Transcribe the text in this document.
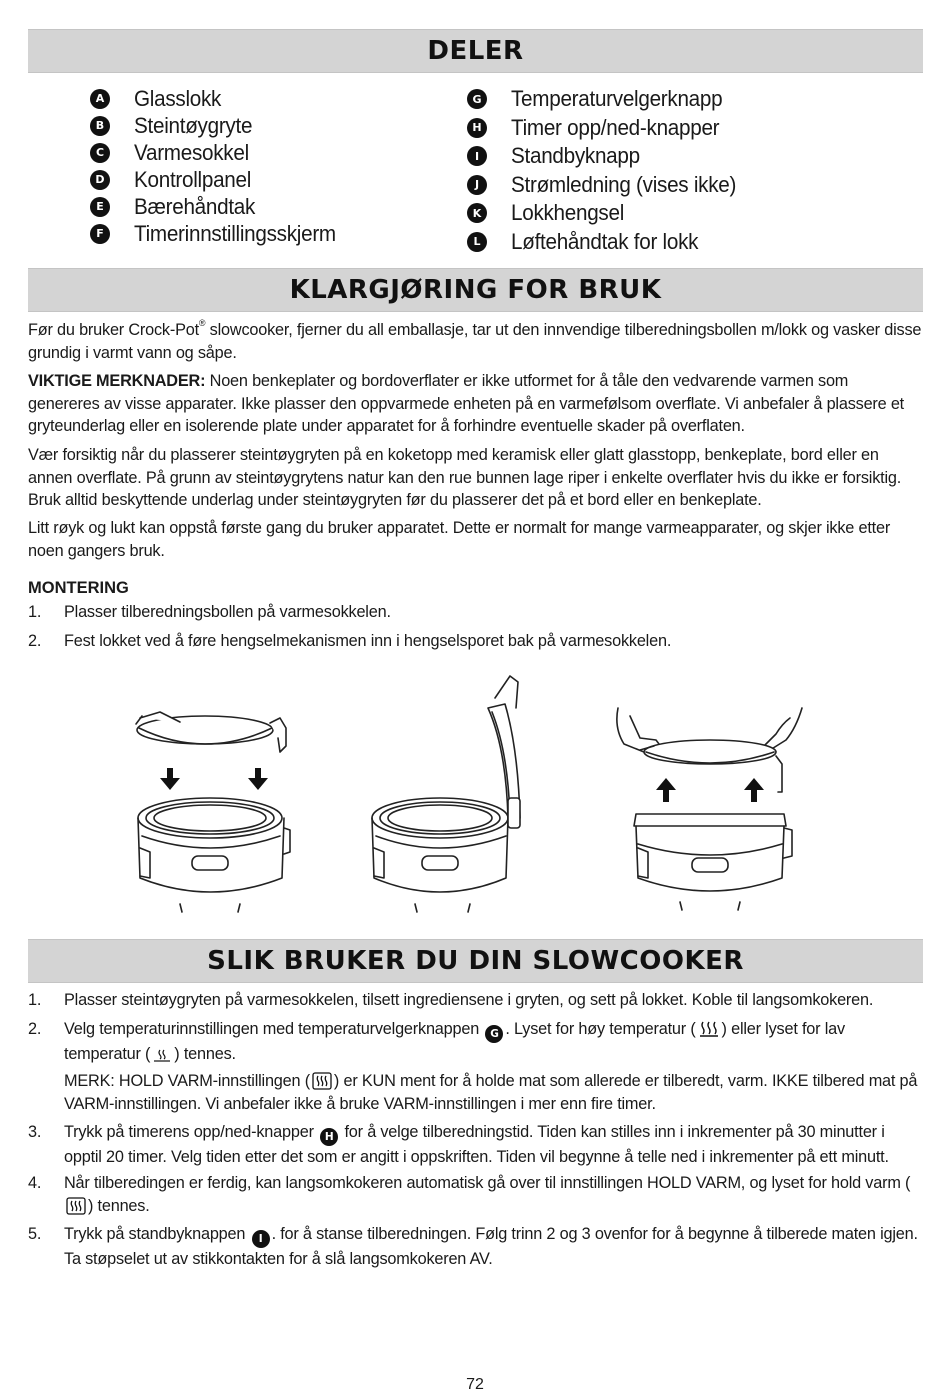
DELER
A Glasslokk
B Steintøygryte
C Varmesokkel
D Kontrollpanel
E Bærehåndtak
F Timerinnstillingsskjerm
G Temperaturvelgerknapp
H Timer opp/ned-knapper
I	Standbyknapp
J	Strømledning (vises ikke)
K Lokkhengsel
L Løftehåndtak for lokk
KLARGJØRING FOR BRUK

Før du bruker Crock-Pot® slowcooker, fjerner du all emballasje, tar ut den innvendige tilberedningsbollen m/lokk og vasker disse grundig i varmt vann og såpe.

VIKTIGE MERKNADER: Noen benkeplater og bordoverflater er ikke utformet for å tåle den vedvarende varmen som genereres av visse apparater. Ikke plasser den oppvarmede enheten på en varmefølsom overflate. Vi anbefaler å plassere et gryteunderlag eller en isolerende plate under apparatet for å forhindre eventuelle skader på overflaten.

Vær forsiktig når du plasserer steintøygryten på en koketopp med keramisk eller glatt glasstopp, benkeplate, bord eller en annen overflate. På grunn av steintøygrytens natur kan den rue bunnen lage riper i enkelte overflater hvis du ikke er forsiktig. Bruk alltid beskyttende underlag under steintøygryten før du plasserer det på et bord eller en benkeplate.

Litt røyk og lukt kan oppstå første gang du bruker apparatet. Dette er normalt for mange varmeapparater, og skjer ikke etter noen gangers bruk.

MONTERING
1. Plasser tilberedningsbollen på varmesokkelen.
2. Fest lokket ved å føre hengselmekanismen inn i hengselsporet bak på varmesokkelen.
SLIK BRUKER DU DIN SLOWCOOKER
1. Plasser steintøygryten på varmesokkelen, tilsett ingrediensene i gryten, og sett på lokket. Koble til langsomkokeren.
2. Velg temperaturinnstillingen med temperaturvelgerknappen G . Lyset for høy temperatur ( ) eller lyset for lav temperatur ( ) tennes.
MERK: HOLD VARM-innstillingen ( ) er KUN ment for å holde mat som allerede er tilberedt, varm. IKKE tilbered mat på VARM-innstillingen. Vi anbefaler ikke å bruke VARM-innstillingen i mer enn fire timer.
3. Trykk på timerens opp/ned-knapper H for å velge tilberedningstid. Tiden kan stilles inn i inkrementer på 30 minutter i opptil 20 timer. Velg tiden etter det som er angitt i oppskriften. Tiden vil begynne å telle ned i inkrementer på ett minutt.
4. Når tilberedingen er ferdig, kan langsomkokeren automatisk gå over til innstillingen HOLD VARM, og lyset for hold varm () tennes.
5. Trykk på standbyknappen I . for å stanse tilberedningen. Følg trinn 2 og 3 ovenfor for å begynne å tilberede maten igjen. Ta støpselet ut av stikkontakten for å slå langsomkokeren AV.
72
